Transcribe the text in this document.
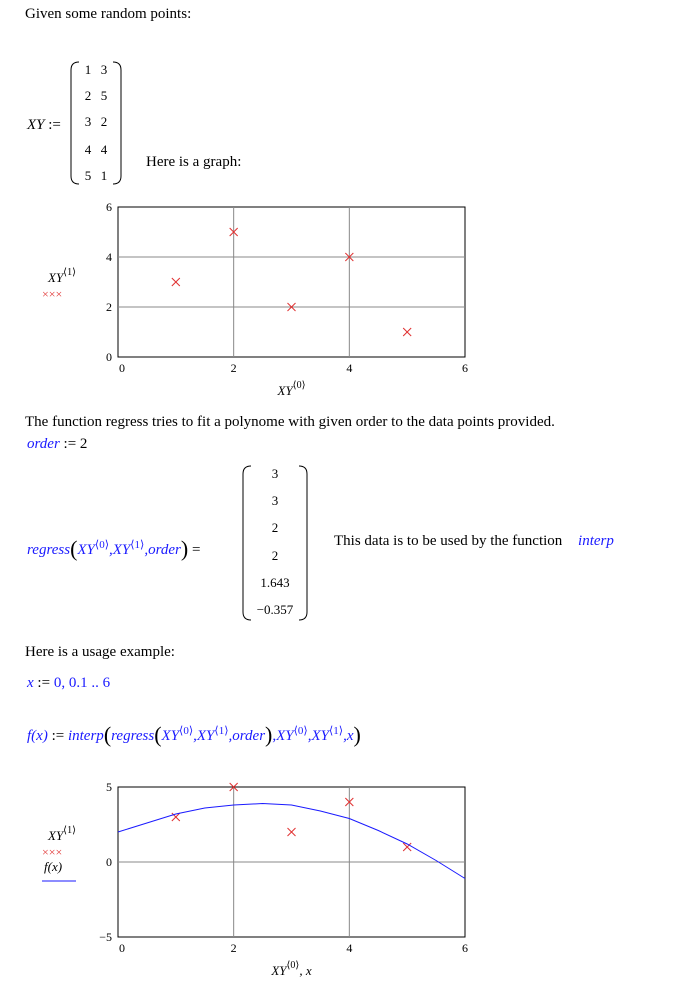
Given some random points:
XY :=
1 3
2 5
3 2
4 4
5 1
Here is a graph:
0	2	4	6
0
2
4
6
$XY^{⟨0⟩}$
$XY^{⟨1⟩}$
×××
The function regress tries to fit a polynome with given order to the data points provided.
order := 2
$regress(XY^{⟨0⟩},XY^{⟨1⟩},order)$ =
3
3
2
2
1.643
−0.357
This data is to be used by the function interp
Here is a usage example:
x := 0, 0.1 .. 6
f(x) := $interp(regress(XY^{⟨0⟩},XY^{⟨1⟩},order),XY^{⟨0⟩},XY^{⟨1⟩},x)$
0	2	4	6
−5
0
5
$XY^{⟨0⟩}$, x
$XY^{⟨1⟩}$
×××
f(x)
